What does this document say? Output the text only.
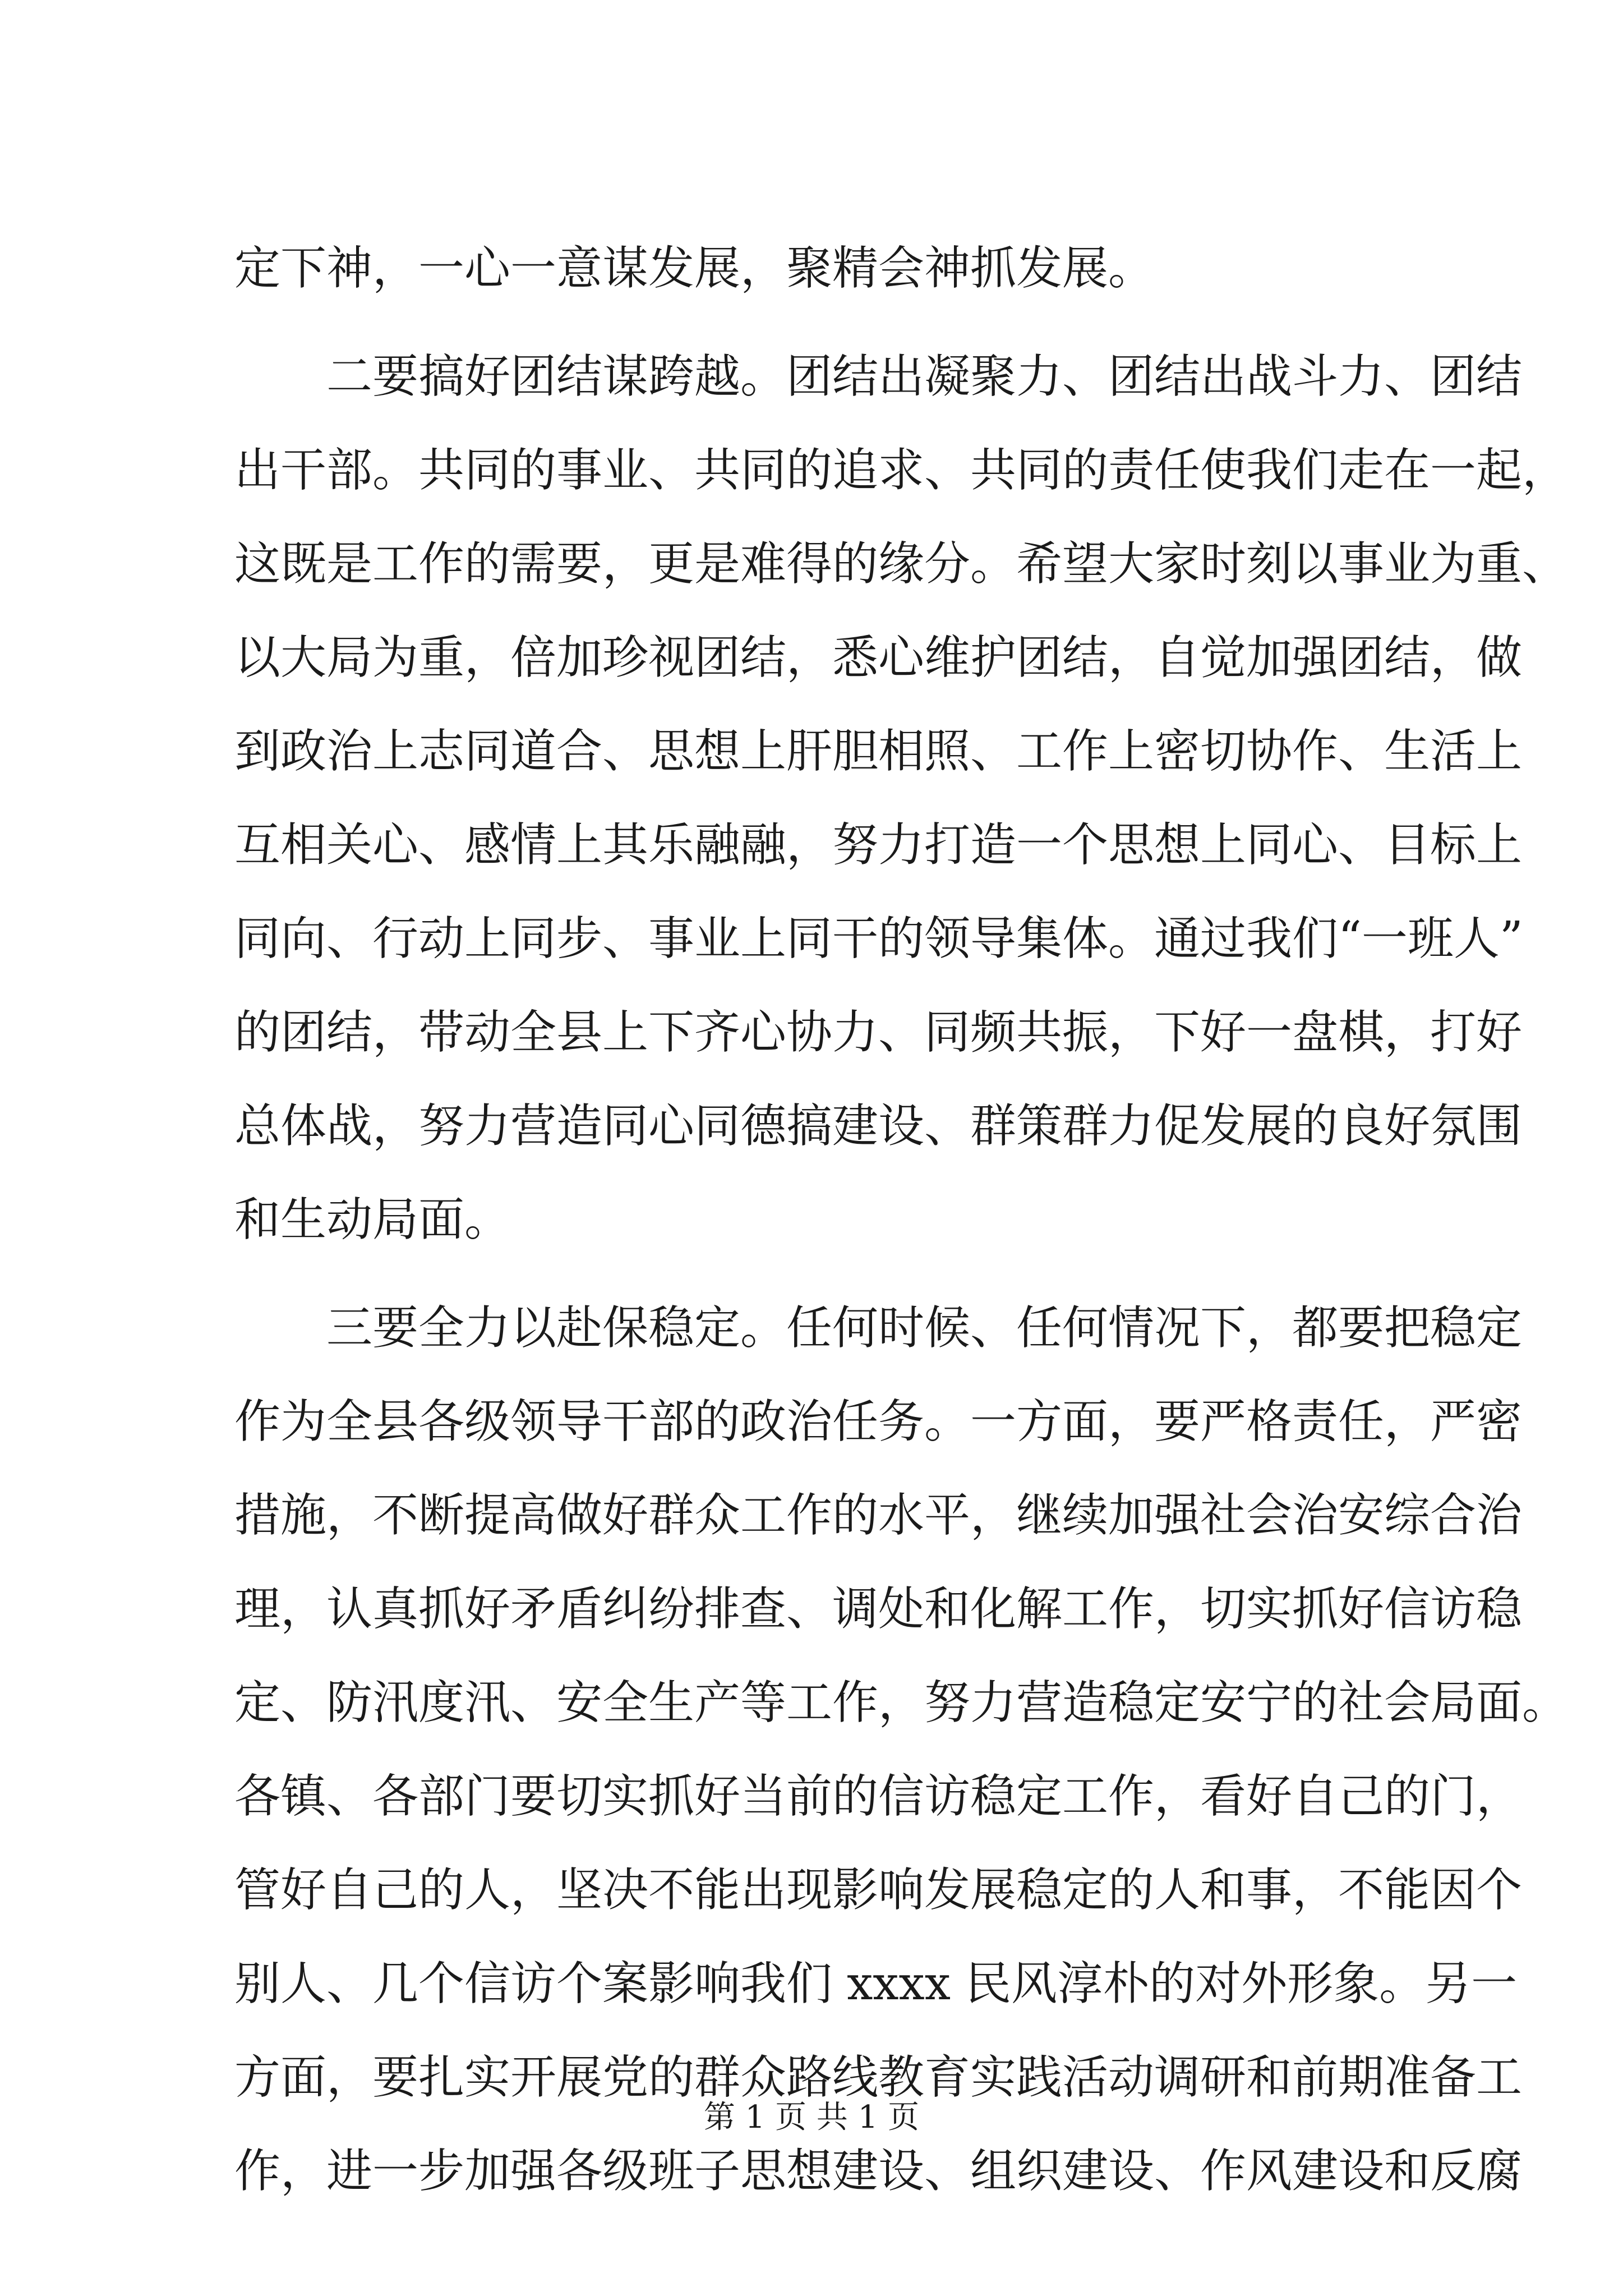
定下神，一心一意谋发展，聚精会神抓发展。
　　二要搞好团结谋跨越。团结出凝聚力、团结出战斗力、团结
出干部。共同的事业、共同的追求、共同的责任使我们走在一起，
这既是工作的需要，更是难得的缘分。希望大家时刻以事业为重、
以大局为重，倍加珍视团结，悉心维护团结，自觉加强团结，做
到政治上志同道合、思想上肝胆相照、工作上密切协作、生活上
互相关心、感情上其乐融融，努力打造一个思想上同心、目标上
同向、行动上同步、事业上同干的领导集体。通过我们“一班人”
的团结，带动全县上下齐心协力、同频共振，下好一盘棋，打好
总体战，努力营造同心同德搞建设、群策群力促发展的良好氛围
和生动局面。
　　三要全力以赴保稳定。任何时候、任何情况下，都要把稳定
作为全县各级领导干部的政治任务。一方面，要严格责任，严密
措施，不断提高做好群众工作的水平，继续加强社会治安综合治
理，认真抓好矛盾纠纷排查、调处和化解工作，切实抓好信访稳
定、防汛度汛、安全生产等工作，努力营造稳定安宁的社会局面。
各镇、各部门要切实抓好当前的信访稳定工作，看好自己的门，
管好自己的人，坚决不能出现影响发展稳定的人和事，不能因个
别人、几个信访个案影响我们 xxxx 民风淳朴的对外形象。另一
方面，要扎实开展党的群众路线教育实践活动调研和前期准备工
作，进一步加强各级班子思想建设、组织建设、作风建设和反腐
第 1 页 共 1 页
